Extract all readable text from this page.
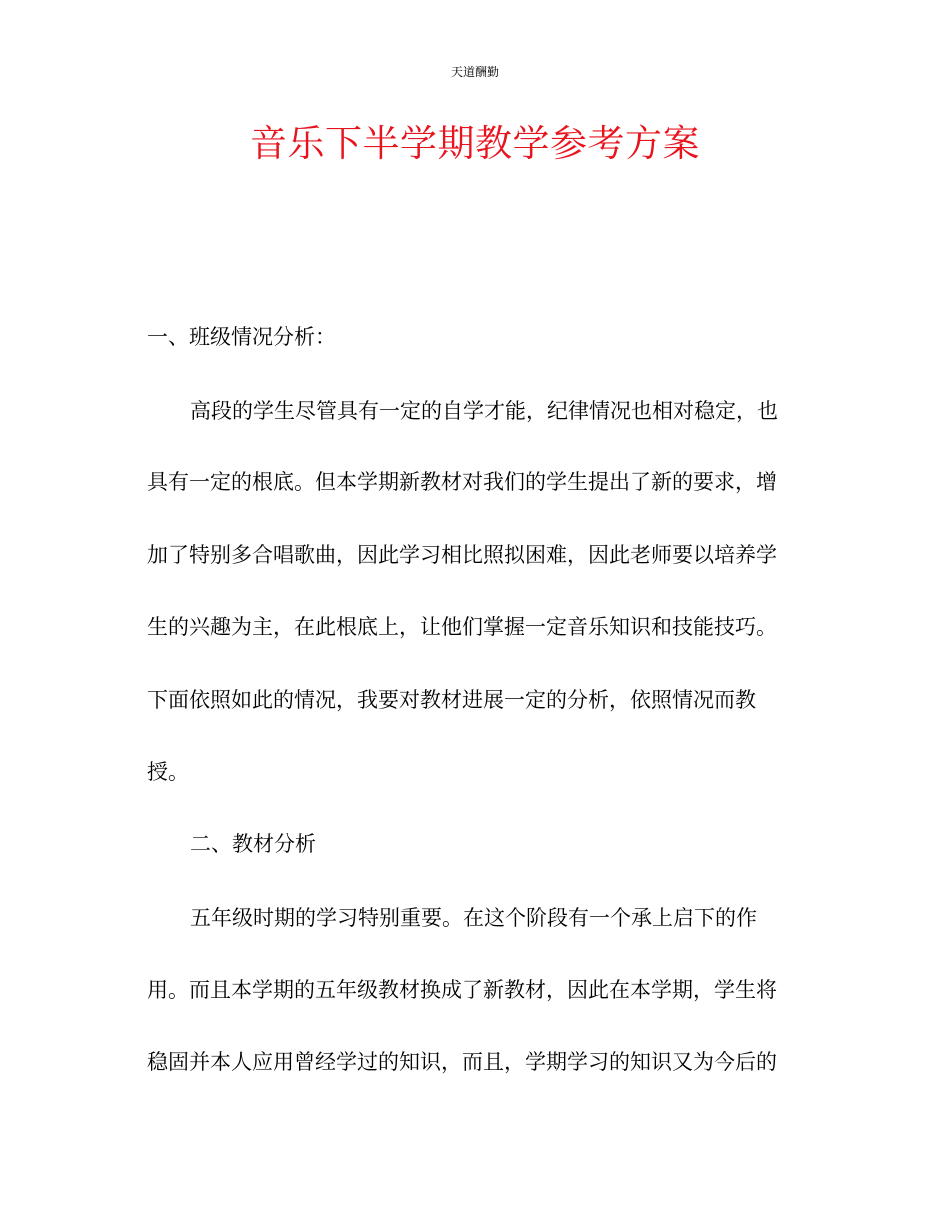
天道酬勤
音乐下半学期教学参考方案
一、班级情况分析：
高段的学生尽管具有一定的自学才能，纪律情况也相对稳定，也
具有一定的根底。但本学期新教材对我们的学生提出了新的要求，增
加了特别多合唱歌曲，因此学习相比照拟困难，因此老师要以培养学
生的兴趣为主，在此根底上，让他们掌握一定音乐知识和技能技巧。
下面依照如此的情况，我要对教材进展一定的分析，依照情况而教
授。
二、教材分析
五年级时期的学习特别重要。在这个阶段有一个承上启下的作
用。而且本学期的五年级教材换成了新教材，因此在本学期，学生将
稳固并本人应用曾经学过的知识，而且，学期学习的知识又为今后的
